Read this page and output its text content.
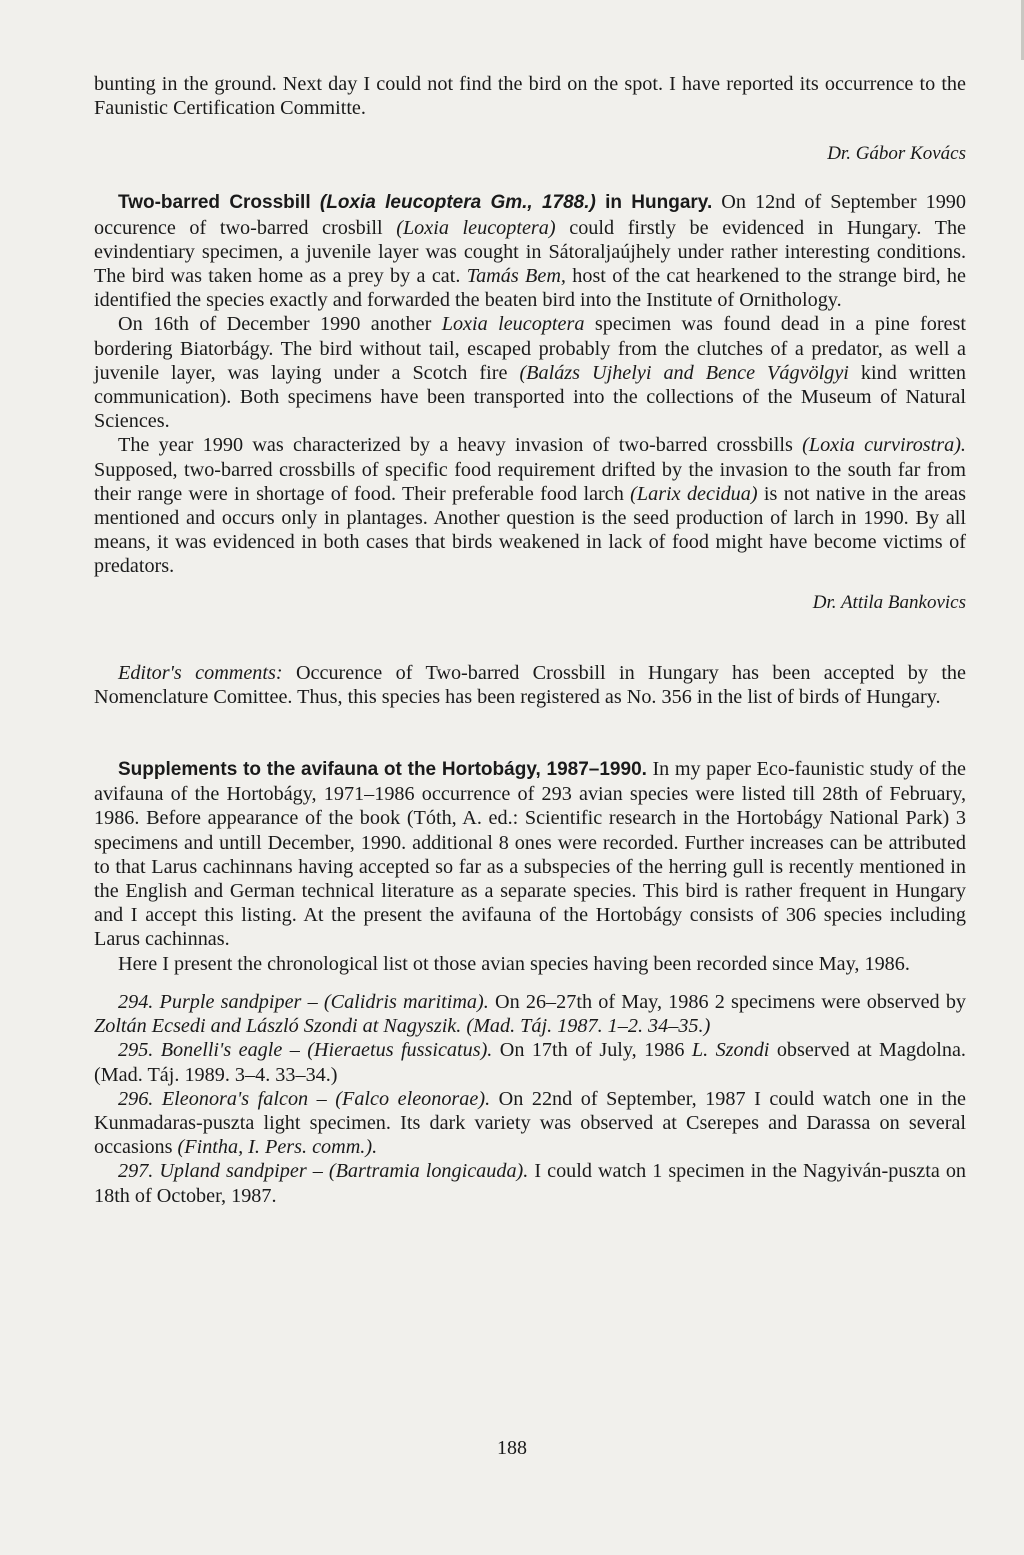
bunting in the ground. Next day I could not find the bird on the spot. I have reported its occurrence to the Faunistic Certification Committe.

Dr. Gábor Kovács

Two-barred Crossbill (Loxia leucoptera Gm., 1788.) in Hungary. On 12nd of September 1990 occurence of two-barred crosbill (Loxia leucoptera) could firstly be evidenced in Hungary. The evindentiary specimen, a juvenile layer was cought in Sátoraljaújhely under rather interesting conditions. The bird was taken home as a prey by a cat. Tamás Bem, host of the cat hearkened to the strange bird, he identified the species exactly and forwarded the beaten bird into the Institute of Ornithology.

On 16th of December 1990 another Loxia leucoptera specimen was found dead in a pine forest bordering Biatorbágy. The bird without tail, escaped probably from the clutches of a predator, as well a juvenile layer, was laying under a Scotch fire (Balázs Ujhelyi and Bence Vágvölgyi kind written communication). Both specimens have been transported into the collections of the Museum of Natural Sciences.

The year 1990 was characterized by a heavy invasion of two-barred crossbills (Loxia curvirostra). Supposed, two-barred crossbills of specific food requirement drifted by the invasion to the south far from their range were in shortage of food. Their preferable food larch (Larix decidua) is not native in the areas mentioned and occurs only in plantages. Another question is the seed production of larch in 1990. By all means, it was evidenced in both cases that birds weakened in lack of food might have become victims of predators.

Dr. Attila Bankovics

Editor's comments: Occurence of Two-barred Crossbill in Hungary has been accepted by the Nomenclature Comittee. Thus, this species has been registered as No. 356 in the list of birds of Hungary.

Supplements to the avifauna ot the Hortobágy, 1987–1990. In my paper Eco-faunistic study of the avifauna of the Hortobágy, 1971–1986 occurrence of 293 avian species were listed till 28th of February, 1986. Before appearance of the book (Tóth, A. ed.: Scientific research in the Hortobágy National Park) 3 specimens and untill December, 1990. additional 8 ones were recorded. Further increases can be attributed to that Larus cachinnans having accepted so far as a subspecies of the herring gull is recently mentioned in the English and German technical literature as a separate species. This bird is rather frequent in Hungary and I accept this listing. At the present the avifauna of the Hortobágy consists of 306 species including Larus cachinnas.

Here I present the chronological list ot those avian species having been recorded since May, 1986.

294. Purple sandpiper – (Calidris maritima). On 26–27th of May, 1986 2 specimens were observed by Zoltán Ecsedi and László Szondi at Nagyszik. (Mad. Táj. 1987. 1–2. 34–35.)

295. Bonelli's eagle – (Hieraetus fussicatus). On 17th of July, 1986 L. Szondi observed at Magdolna. (Mad. Táj. 1989. 3–4. 33–34.)

296. Eleonora's falcon – (Falco eleonorae). On 22nd of September, 1987 I could watch one in the Kunmadaras-puszta light specimen. Its dark variety was observed at Cserepes and Darassa on several occasions (Fintha, I. Pers. comm.).

297. Upland sandpiper – (Bartramia longicauda). I could watch 1 specimen in the Nagyiván-puszta on 18th of October, 1987.

188
